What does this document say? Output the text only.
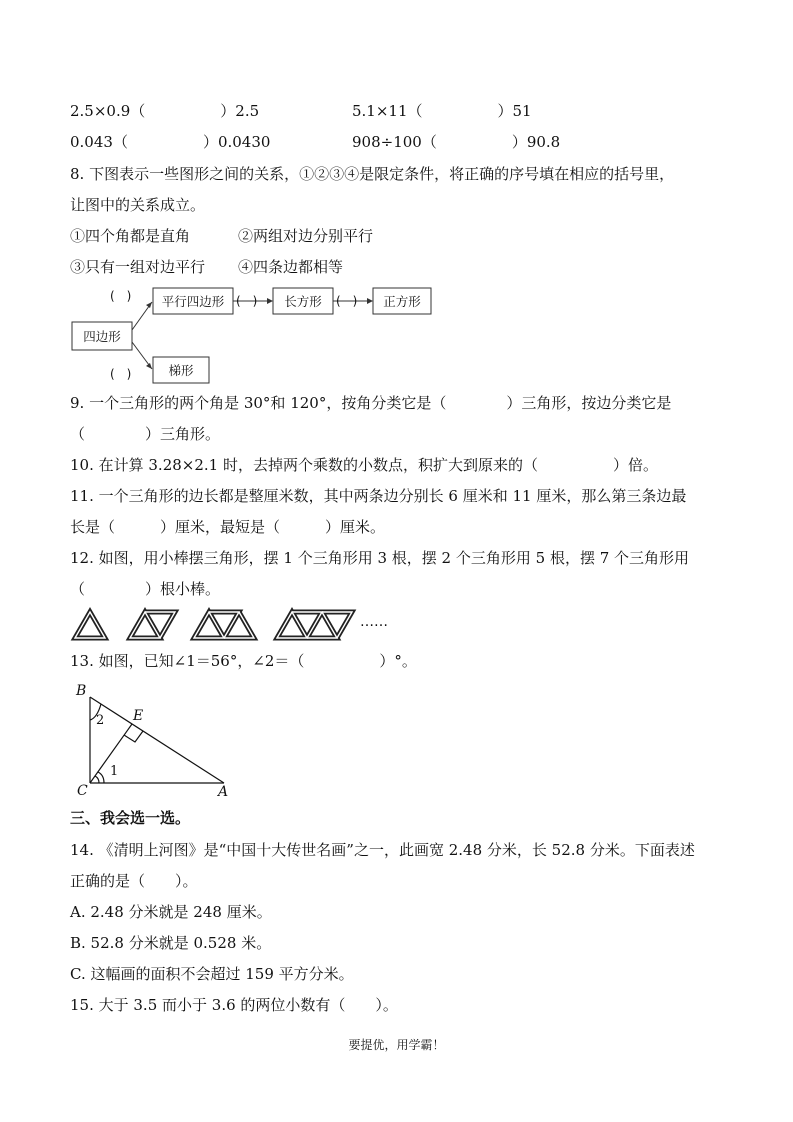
2.5×0.9（　　　　　）2.5	5.1×11（　　　　　）51
0.043（　　　　　）0.0430	908÷100（　　　　　）90.8
8. 下图表示一些图形之间的关系，①②③④是限定条件，将正确的序号填在相应的括号里，
让图中的关系成立。
①四个角都是直角	②两组对边分别平行
③只有一组对边平行 ④四条边都相等
四边形
(　)
(　)
平行四边形 (　) 长方形 (　) 正方形
梯形
9. 一个三角形的两个角是 30°和 120°，按角分类它是（　　　　）三角形，按边分类它是
（　　　　）三角形。
10. 在计算 3.28×2.1 时，去掉两个乘数的小数点，积扩大到原来的（　　　　　）倍。
11. 一个三角形的边长都是整厘米数，其中两条边分别长 6 厘米和 11 厘米，那么第三条边最
长是（　　　）厘米，最短是（　　　）厘米。
12. 如图，用小棒摆三角形，摆 1 个三角形用 3 根，摆 2 个三角形用 5 根，摆 7 个三角形用
（　　　　）根小棒。
……
13. 如图，已知∠1＝56°，∠2＝（　　　　　）°。
B
E
C	A
2
1
三、我会选一选。
14. 《清明上河图》是“中国十大传世名画”之一，此画宽 2.48 分米，长 52.8 分米。下面表述
正确的是（　　）。
A. 2.48 分米就是 248 厘米。
B. 52.8 分米就是 0.528 米。
C. 这幅画的面积不会超过 159 平方分米。
15. 大于 3.5 而小于 3.6 的两位小数有（　　）。
要提优，用学霸！
